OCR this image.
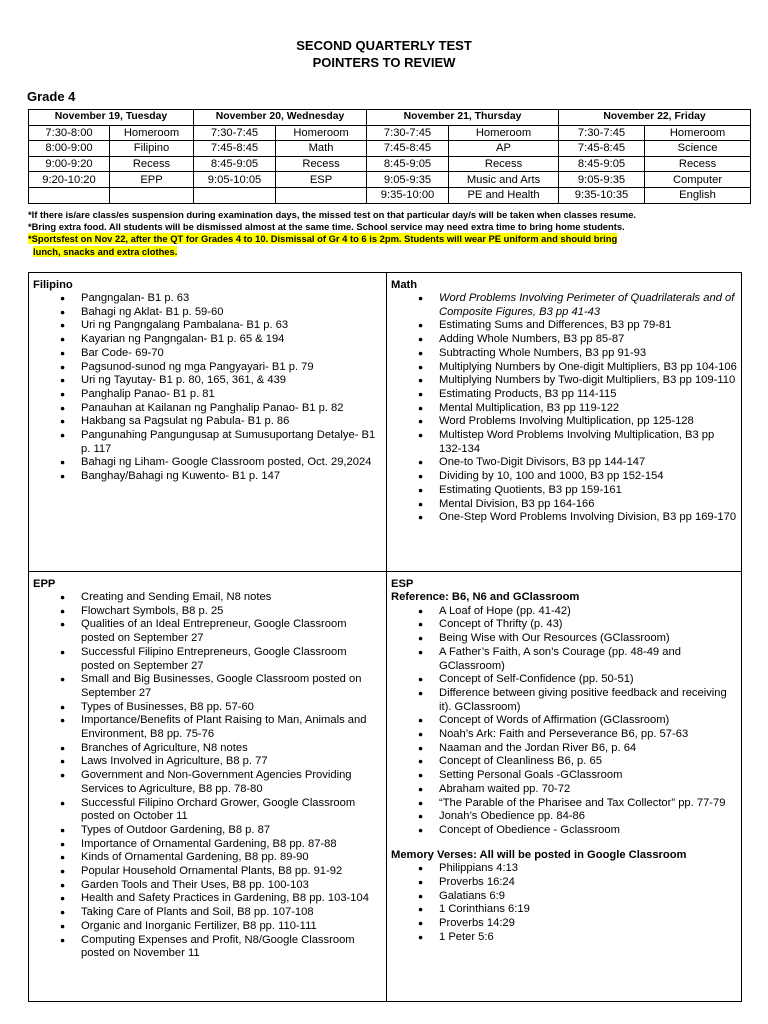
SECOND QUARTERLY TEST
POINTERS TO REVIEW
Grade 4
November 19, Tuesday		November 20, Wednesday		November 21, Thursday		November 22, Friday	
7:30-8:00	Homeroom	7:30-7:45	Homeroom	7:30-7:45	Homeroom	7:30-7:45	Homeroom
8:00-9:00	Filipino	7:45-8:45	Math	7:45-8:45	AP	7:45-8:45	Science
9:00-9:20	Recess	8:45-9:05	Recess	8:45-9:05	Recess	8:45-9:05	Recess
9:20-10:20	EPP	9:05-10:05	ESP	9:05-9:35	Music and Arts	9:05-9:35	Computer
				9:35-10:00	PE and Health	9:35-10:35	English
*If there is/are class/es suspension during examination days, the missed test on that particular day/s will be taken when classes resume.
*Bring extra food. All students will be dismissed almost at the same time. School service may need extra time to bring home students.
*Sportsfest on Nov 22, after the QT for Grades 4 to 10. Dismissal of Gr 4 to 6 is 2pm. Students will wear PE uniform and should bring
lunch, snacks and extra clothes.
Filipino
● Pangngalan- B1 p. 63
● Bahagi ng Aklat- B1 p. 59-60
● Uri ng Pangngalang Pambalana- B1 p. 63
● Kayarian ng Pangngalan- B1 p. 65 & 194
● Bar Code- 69-70
● Pagsunod-sunod ng mga Pangyayari- B1 p. 79
● Uri ng Tayutay- B1 p. 80, 165, 361, & 439
● Panghalip Panao- B1 p. 81
● Panauhan at Kailanan ng Panghalip Panao- B1 p. 82
● Hakbang sa Pagsulat ng Pabula- B1 p. 86
● Pangunahing Pangungusap at Sumusuportang Detalye- B1 p. 117
● Bahagi ng Liham- Google Classroom posted, Oct. 29,2024
● Banghay/Bahagi ng Kuwento- B1 p. 147
Math
● Word Problems Involving Perimeter of Quadrilaterals and of Composite Figures, B3 pp 41-43
● Estimating Sums and Differences, B3 pp 79-81
● Adding Whole Numbers, B3 pp 85-87
● Subtracting Whole Numbers, B3 pp 91-93
● Multiplying Numbers by One-digit Multipliers, B3 pp 104-106
● Multiplying Numbers by Two-digit Multipliers, B3 pp 109-110
● Estimating Products, B3 pp 114-115
● Mental Multiplication, B3 pp 119-122
● Word Problems Involving Multiplication, pp 125-128
● Multistep Word Problems Involving Multiplication, B3 pp 132-134
● One-to Two-Digit Divisors, B3 pp 144-147
● Dividing by 10, 100 and 1000, B3 pp 152-154
● Estimating Quotients, B3 pp 159-161
● Mental Division, B3 pp 164-166
● One-Step Word Problems Involving Division, B3 pp 169-170
EPP
● Creating and Sending Email, N8 notes
● Flowchart Symbols, B8 p. 25
● Qualities of an Ideal Entrepreneur, Google Classroom posted on September 27
● Successful Filipino Entrepreneurs, Google Classroom posted on September 27
● Small and Big Businesses, Google Classroom posted on September 27
● Types of Businesses, B8 pp. 57-60
● Importance/Benefits of Plant Raising to Man, Animals and Environment, B8 pp. 75-76
● Branches of Agriculture, N8 notes
● Laws Involved in Agriculture, B8 p. 77
● Government and Non-Government Agencies Providing Services to Agriculture, B8 pp. 78-80
● Successful Filipino Orchard Grower, Google Classroom posted on October 11
● Types of Outdoor Gardening, B8 p. 87
● Importance of Ornamental Gardening, B8 pp. 87-88
● Kinds of Ornamental Gardening, B8 pp. 89-90
● Popular Household Ornamental Plants, B8 pp. 91-92
● Garden Tools and Their Uses, B8 pp. 100-103
● Health and Safety Practices in Gardening, B8 pp. 103-104
● Taking Care of Plants and Soil, B8 pp. 107-108
● Organic and Inorganic Fertilizer, B8 pp. 110-111
● Computing Expenses and Profit, N8/Google Classroom posted on November 11
ESP
Reference: B6, N6 and GClassroom
● A Loaf of Hope (pp. 41-42)
● Concept of Thrifty (p. 43)
● Being Wise with Our Resources (GClassroom)
● A Father’s Faith, A son’s Courage (pp. 48-49 and GClassroom)
● Concept of Self-Confidence (pp. 50-51)
● Difference between giving positive feedback and receiving it). GClassroom)
● Concept of Words of Affirmation (GClassroom)
● Noah’s Ark: Faith and Perseverance B6, pp. 57-63
● Naaman and the Jordan River B6, p. 64
● Concept of Cleanliness B6, p. 65
● Setting Personal Goals -GClassroom
● Abraham waited pp. 70-72
● “The Parable of the Pharisee and Tax Collector” pp. 77-79
● Jonah’s Obedience pp. 84-86
● Concept of Obedience - Gclassroom
Memory Verses: All will be posted in Google Classroom
● Philippians 4:13
● Proverbs 16:24
● Galatians 6:9
● 1 Corinthians 6:19
● Proverbs 14:29
● 1 Peter 5:6
